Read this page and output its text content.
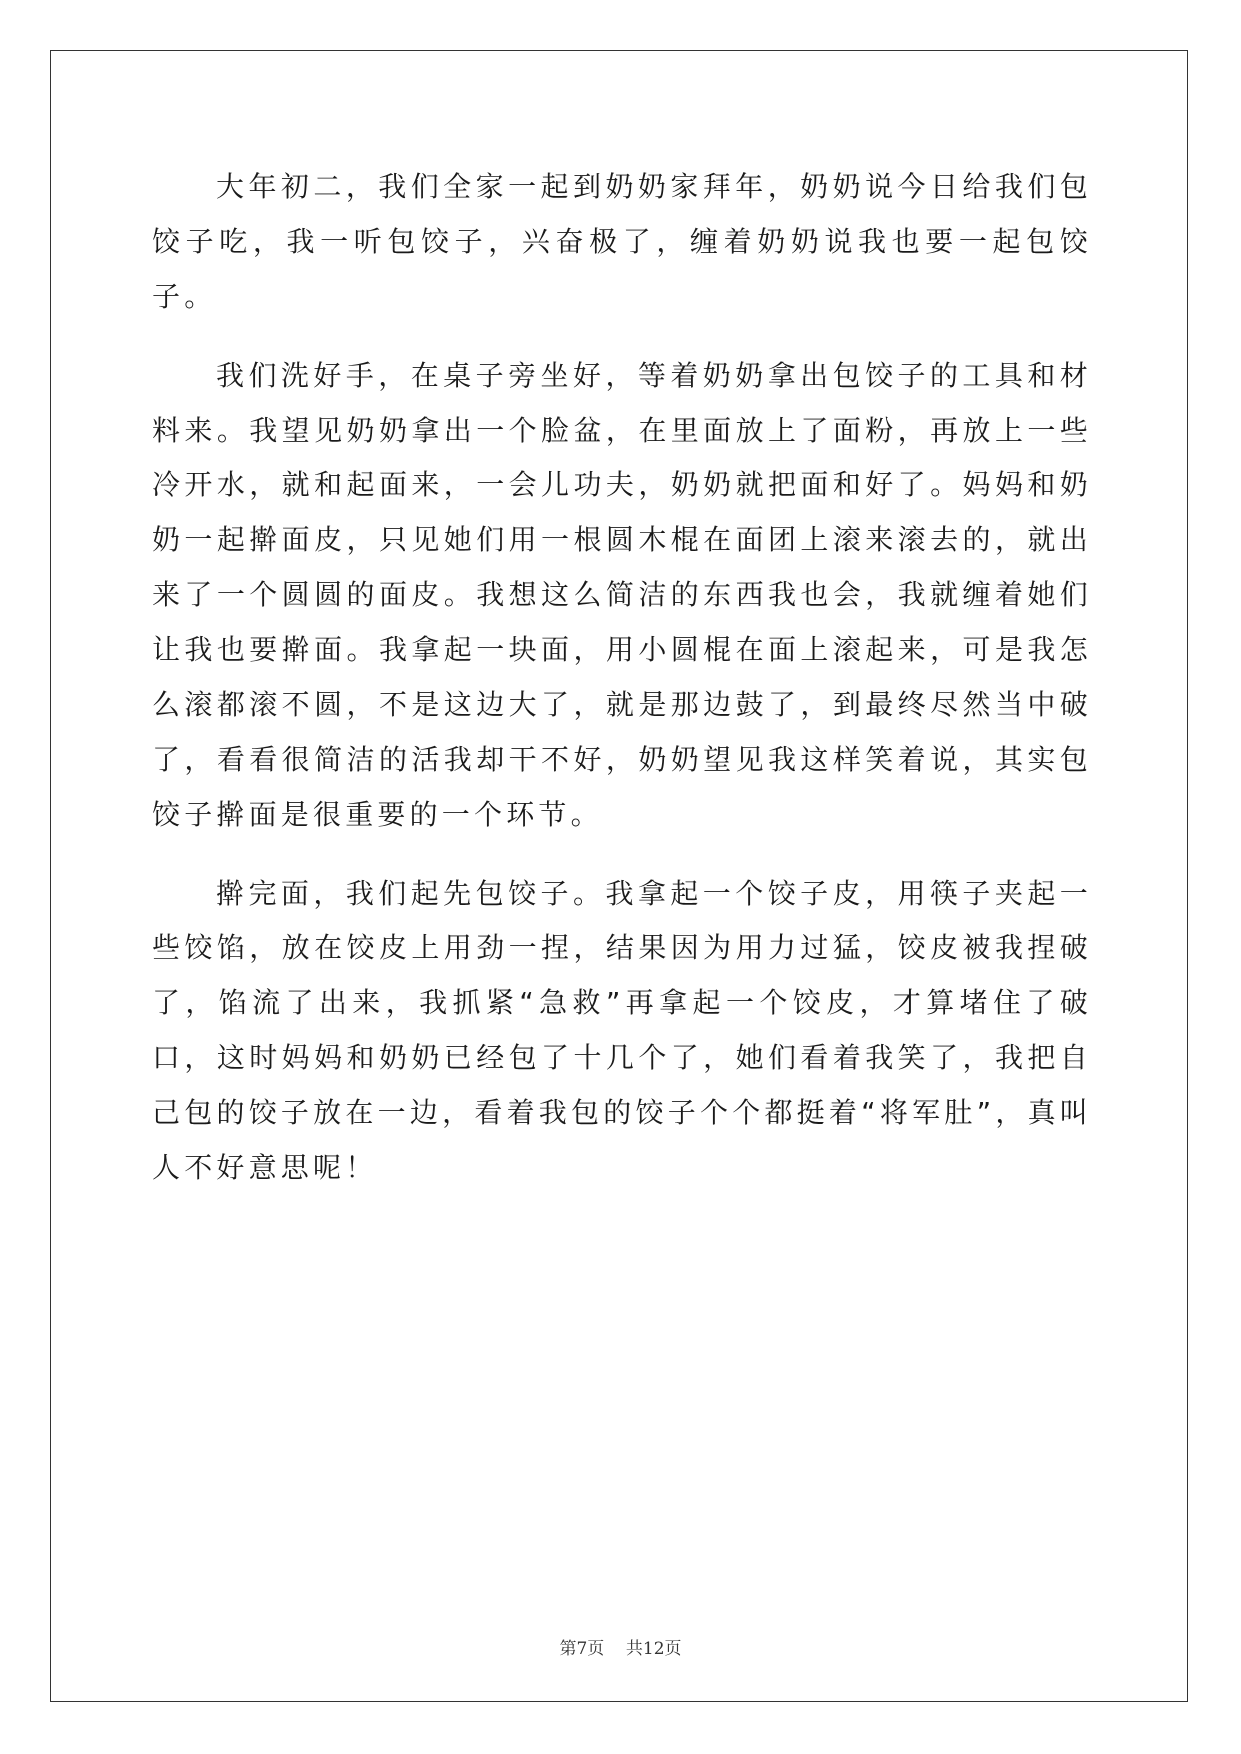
大年初二，我们全家一起到奶奶家拜年，奶奶说今日给我们包饺子吃，我一听包饺子，兴奋极了，缠着奶奶说我也要一起包饺子。

我们洗好手，在桌子旁坐好，等着奶奶拿出包饺子的工具和材料来。我望见奶奶拿出一个脸盆，在里面放上了面粉，再放上一些冷开水，就和起面来，一会儿功夫，奶奶就把面和好了。妈妈和奶奶一起擀面皮，只见她们用一根圆木棍在面团上滚来滚去的，就出来了一个圆圆的面皮。我想这么简洁的东西我也会，我就缠着她们让我也要擀面。我拿起一块面，用小圆棍在面上滚起来，可是我怎么滚都滚不圆，不是这边大了，就是那边鼓了，到最终尽然当中破了，看看很简洁的活我却干不好，奶奶望见我这样笑着说，其实包饺子擀面是很重要的一个环节。

擀完面，我们起先包饺子。我拿起一个饺子皮，用筷子夹起一些饺馅，放在饺皮上用劲一捏，结果因为用力过猛，饺皮被我捏破了，馅流了出来，我抓紧“急救”再拿起一个饺皮，才算堵住了破口，这时妈妈和奶奶已经包了十几个了，她们看着我笑了，我把自己包的饺子放在一边，看着我包的饺子个个都挺着“将军肚”，真叫人不好意思呢！

第7页    共12页
